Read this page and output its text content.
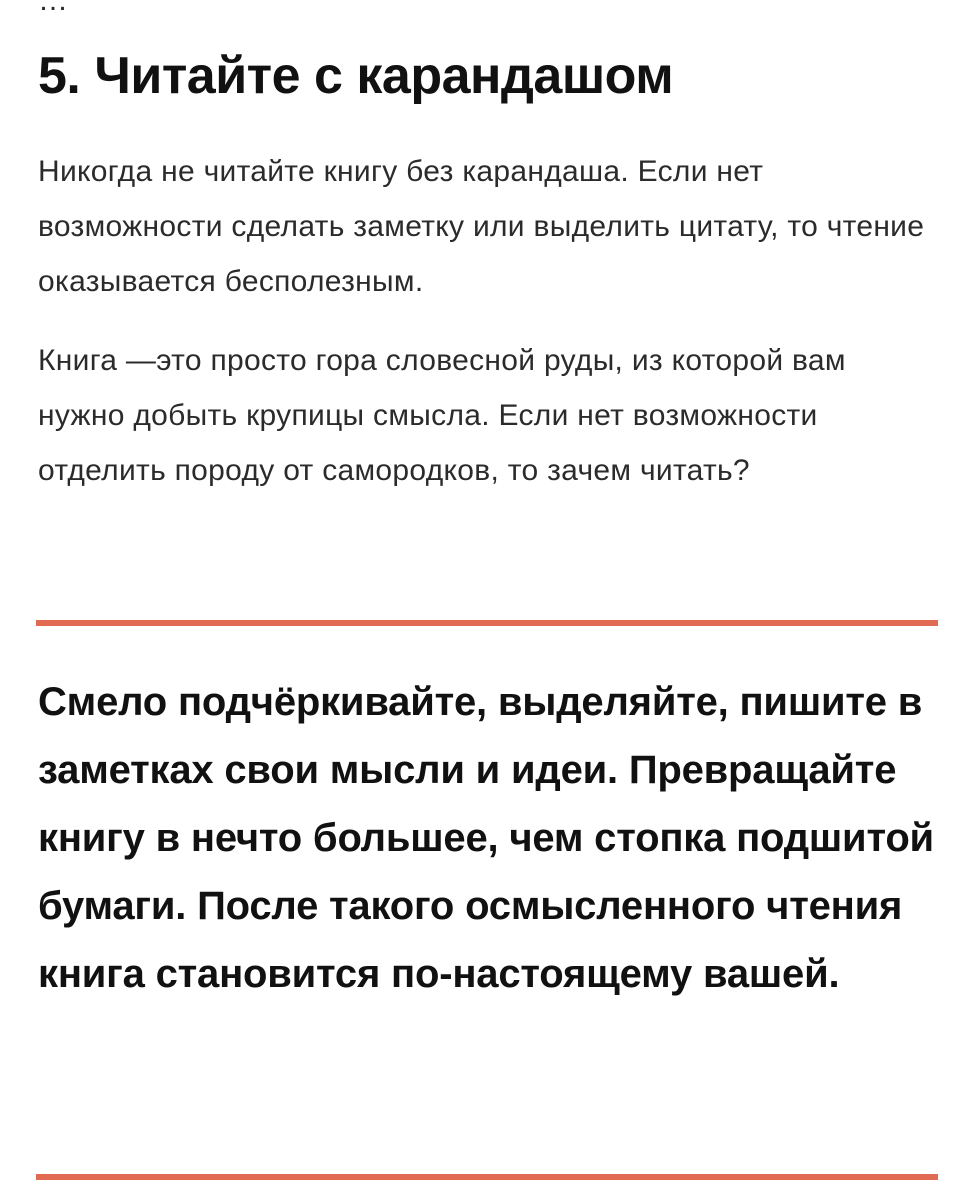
…
5. Читайте с карандашом

Никогда не читайте книгу без карандаша. Если нет возможности сделать заметку или выделить цитату, то чтение оказывается бесполезным.

Книга —это просто гора словесной руды, из которой вам нужно добыть крупицы смысла. Если нет возможности отделить породу от самородков, то зачем читать?

Смело подчёркивайте, выделяйте, пишите в заметках свои мысли и идеи. Превращайте книгу в нечто большее, чем стопка подшитой бумаги. После такого осмысленного чтения книга становится по-настоящему вашей.
